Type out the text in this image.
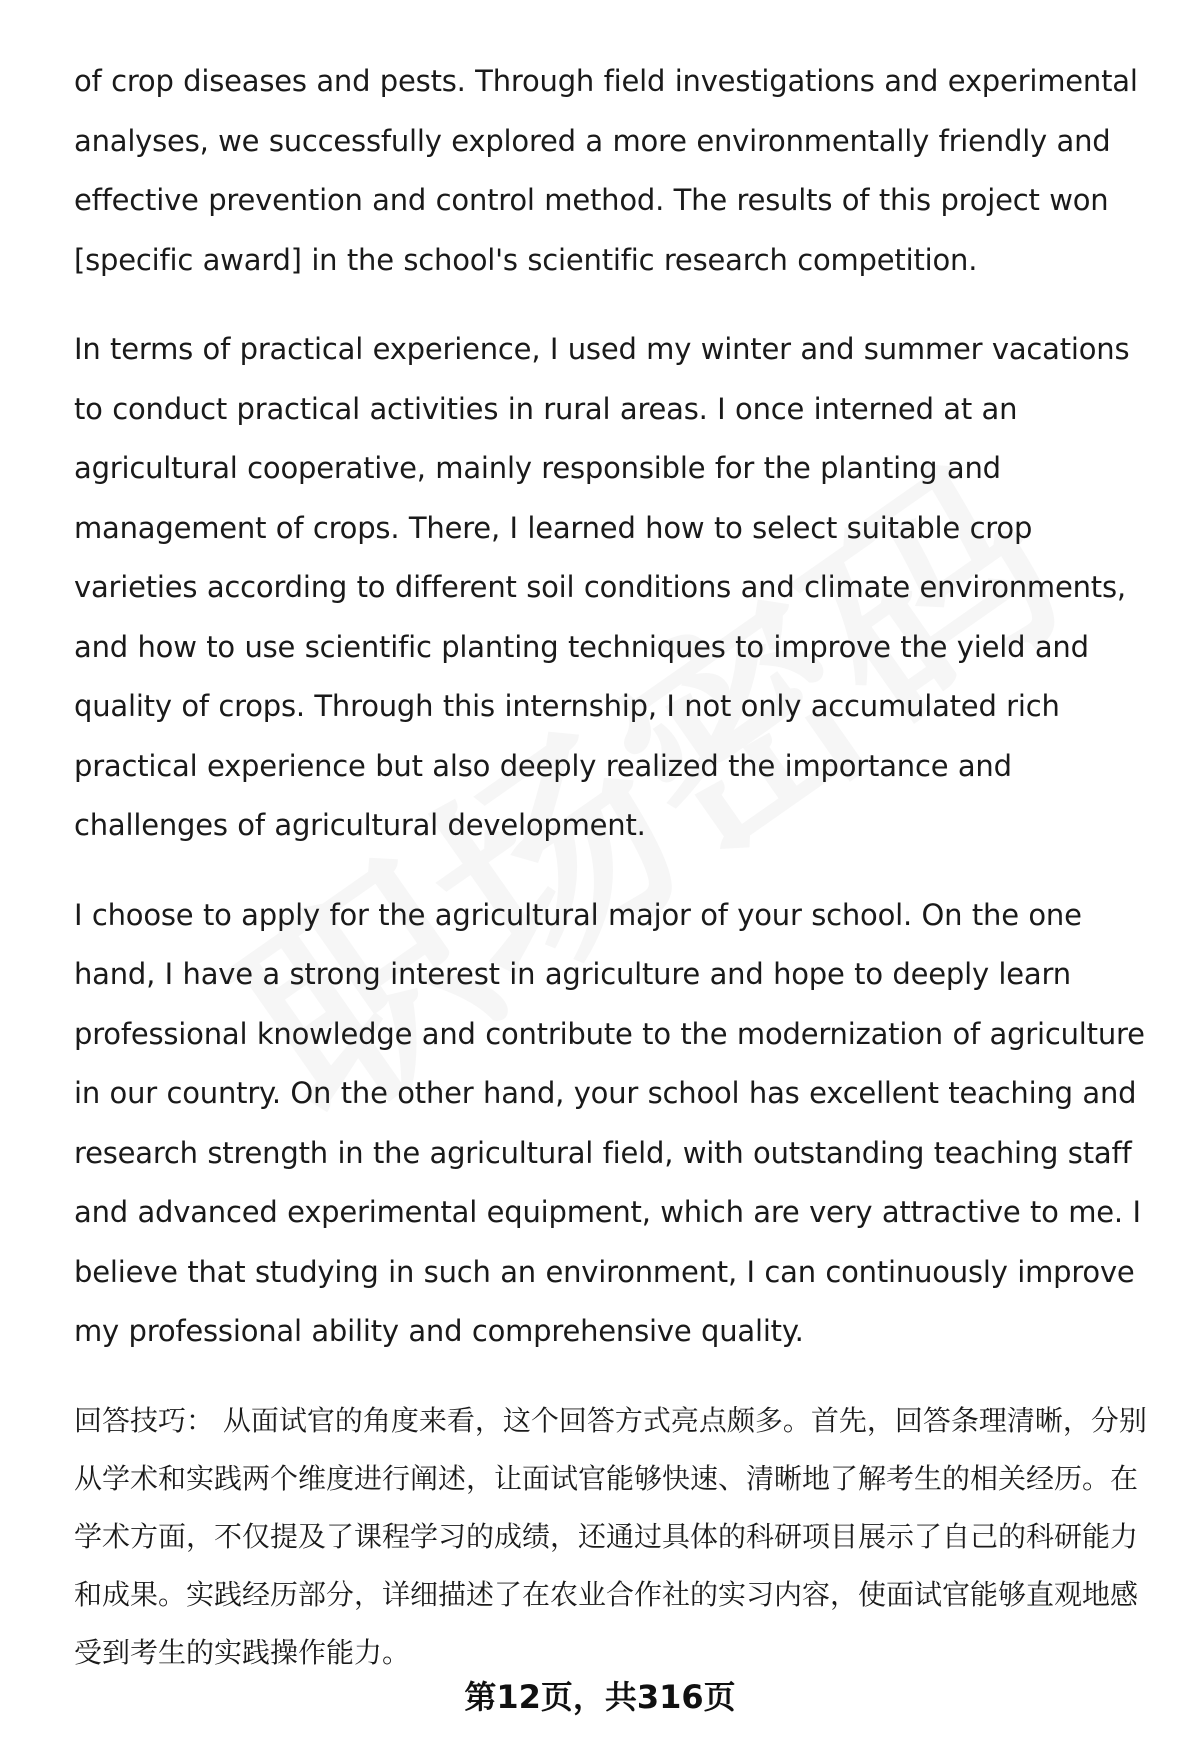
of crop diseases and pests. Through field investigations and experimental analyses, we successfully explored a more environmentally friendly and effective prevention and control method. The results of this project won [specific award] in the school's scientific research competition.

In terms of practical experience, I used my winter and summer vacations to conduct practical activities in rural areas. I once interned at an agricultural cooperative, mainly responsible for the planting and management of crops. There, I learned how to select suitable crop varieties according to different soil conditions and climate environments, and how to use scientific planting techniques to improve the yield and quality of crops. Through this internship, I not only accumulated rich practical experience but also deeply realized the importance and challenges of agricultural development.

I choose to apply for the agricultural major of your school. On the one hand, I have a strong interest in agriculture and hope to deeply learn professional knowledge and contribute to the modernization of agriculture in our country. On the other hand, your school has excellent teaching and research strength in the agricultural field, with outstanding teaching staff and advanced experimental equipment, which are very attractive to me. I believe that studying in such an environment, I can continuously improve my professional ability and comprehensive quality.

回答技巧： 从面试官的角度来看，这个回答方式亮点颇多。首先，回答条理清晰，分别从学术和实践两个维度进行阐述，让面试官能够快速、清晰地了解考生的相关经历。在学术方面，不仅提及了课程学习的成绩，还通过具体的科研项目展示了自己的科研能力和成果。实践经历部分，详细描述了在农业合作社的实习内容，使面试官能够直观地感受到考生的实践操作能力。

第12页，共316页
